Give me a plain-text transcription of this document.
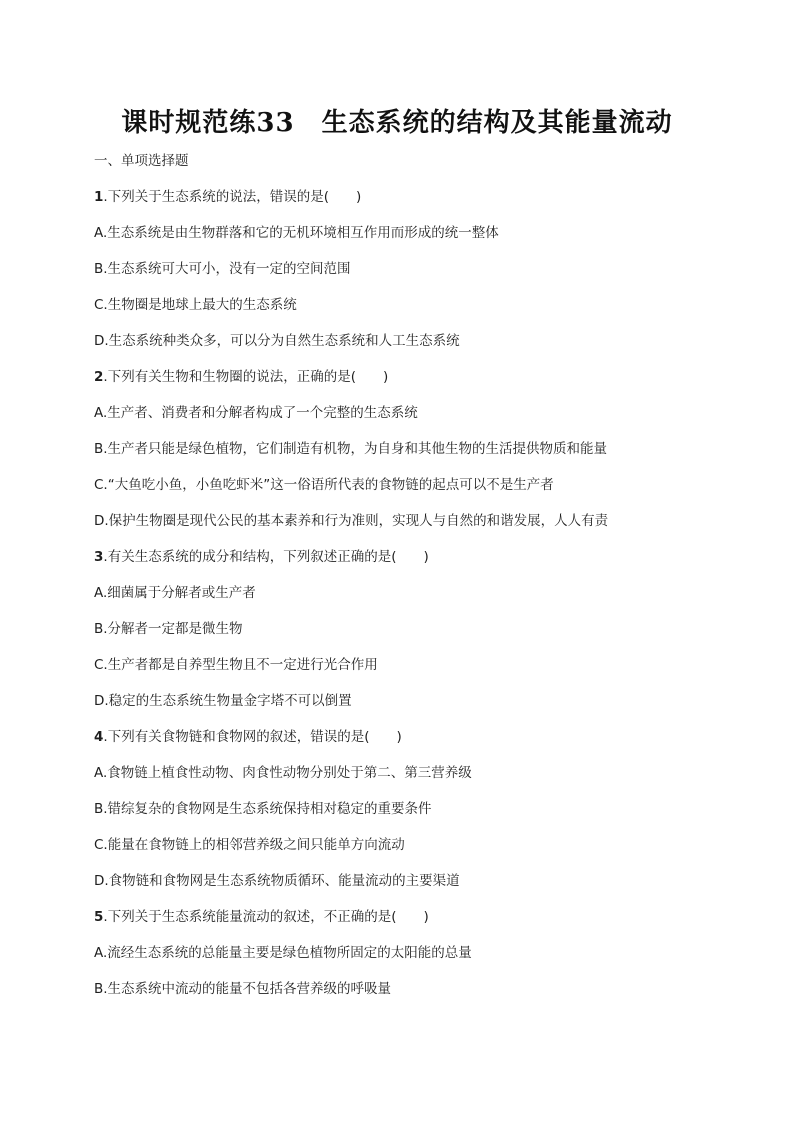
课时规范练33　生态系统的结构及其能量流动
一、单项选择题
1.下列关于生态系统的说法，错误的是(　　)
A.生态系统是由生物群落和它的无机环境相互作用而形成的统一整体
B.生态系统可大可小，没有一定的空间范围
C.生物圈是地球上最大的生态系统
D.生态系统种类众多，可以分为自然生态系统和人工生态系统
2.下列有关生物和生物圈的说法，正确的是(　　)
A.生产者、消费者和分解者构成了一个完整的生态系统
B.生产者只能是绿色植物，它们制造有机物，为自身和其他生物的生活提供物质和能量
C.“大鱼吃小鱼，小鱼吃虾米”这一俗语所代表的食物链的起点可以不是生产者
D.保护生物圈是现代公民的基本素养和行为准则，实现人与自然的和谐发展，人人有责
3.有关生态系统的成分和结构，下列叙述正确的是(　　)
A.细菌属于分解者或生产者
B.分解者一定都是微生物
C.生产者都是自养型生物且不一定进行光合作用
D.稳定的生态系统生物量金字塔不可以倒置
4.下列有关食物链和食物网的叙述，错误的是(　　)
A.食物链上植食性动物、肉食性动物分别处于第二、第三营养级
B.错综复杂的食物网是生态系统保持相对稳定的重要条件
C.能量在食物链上的相邻营养级之间只能单方向流动
D.食物链和食物网是生态系统物质循环、能量流动的主要渠道
5.下列关于生态系统能量流动的叙述，不正确的是(　　)
A.流经生态系统的总能量主要是绿色植物所固定的太阳能的总量
B.生态系统中流动的能量不包括各营养级的呼吸量
